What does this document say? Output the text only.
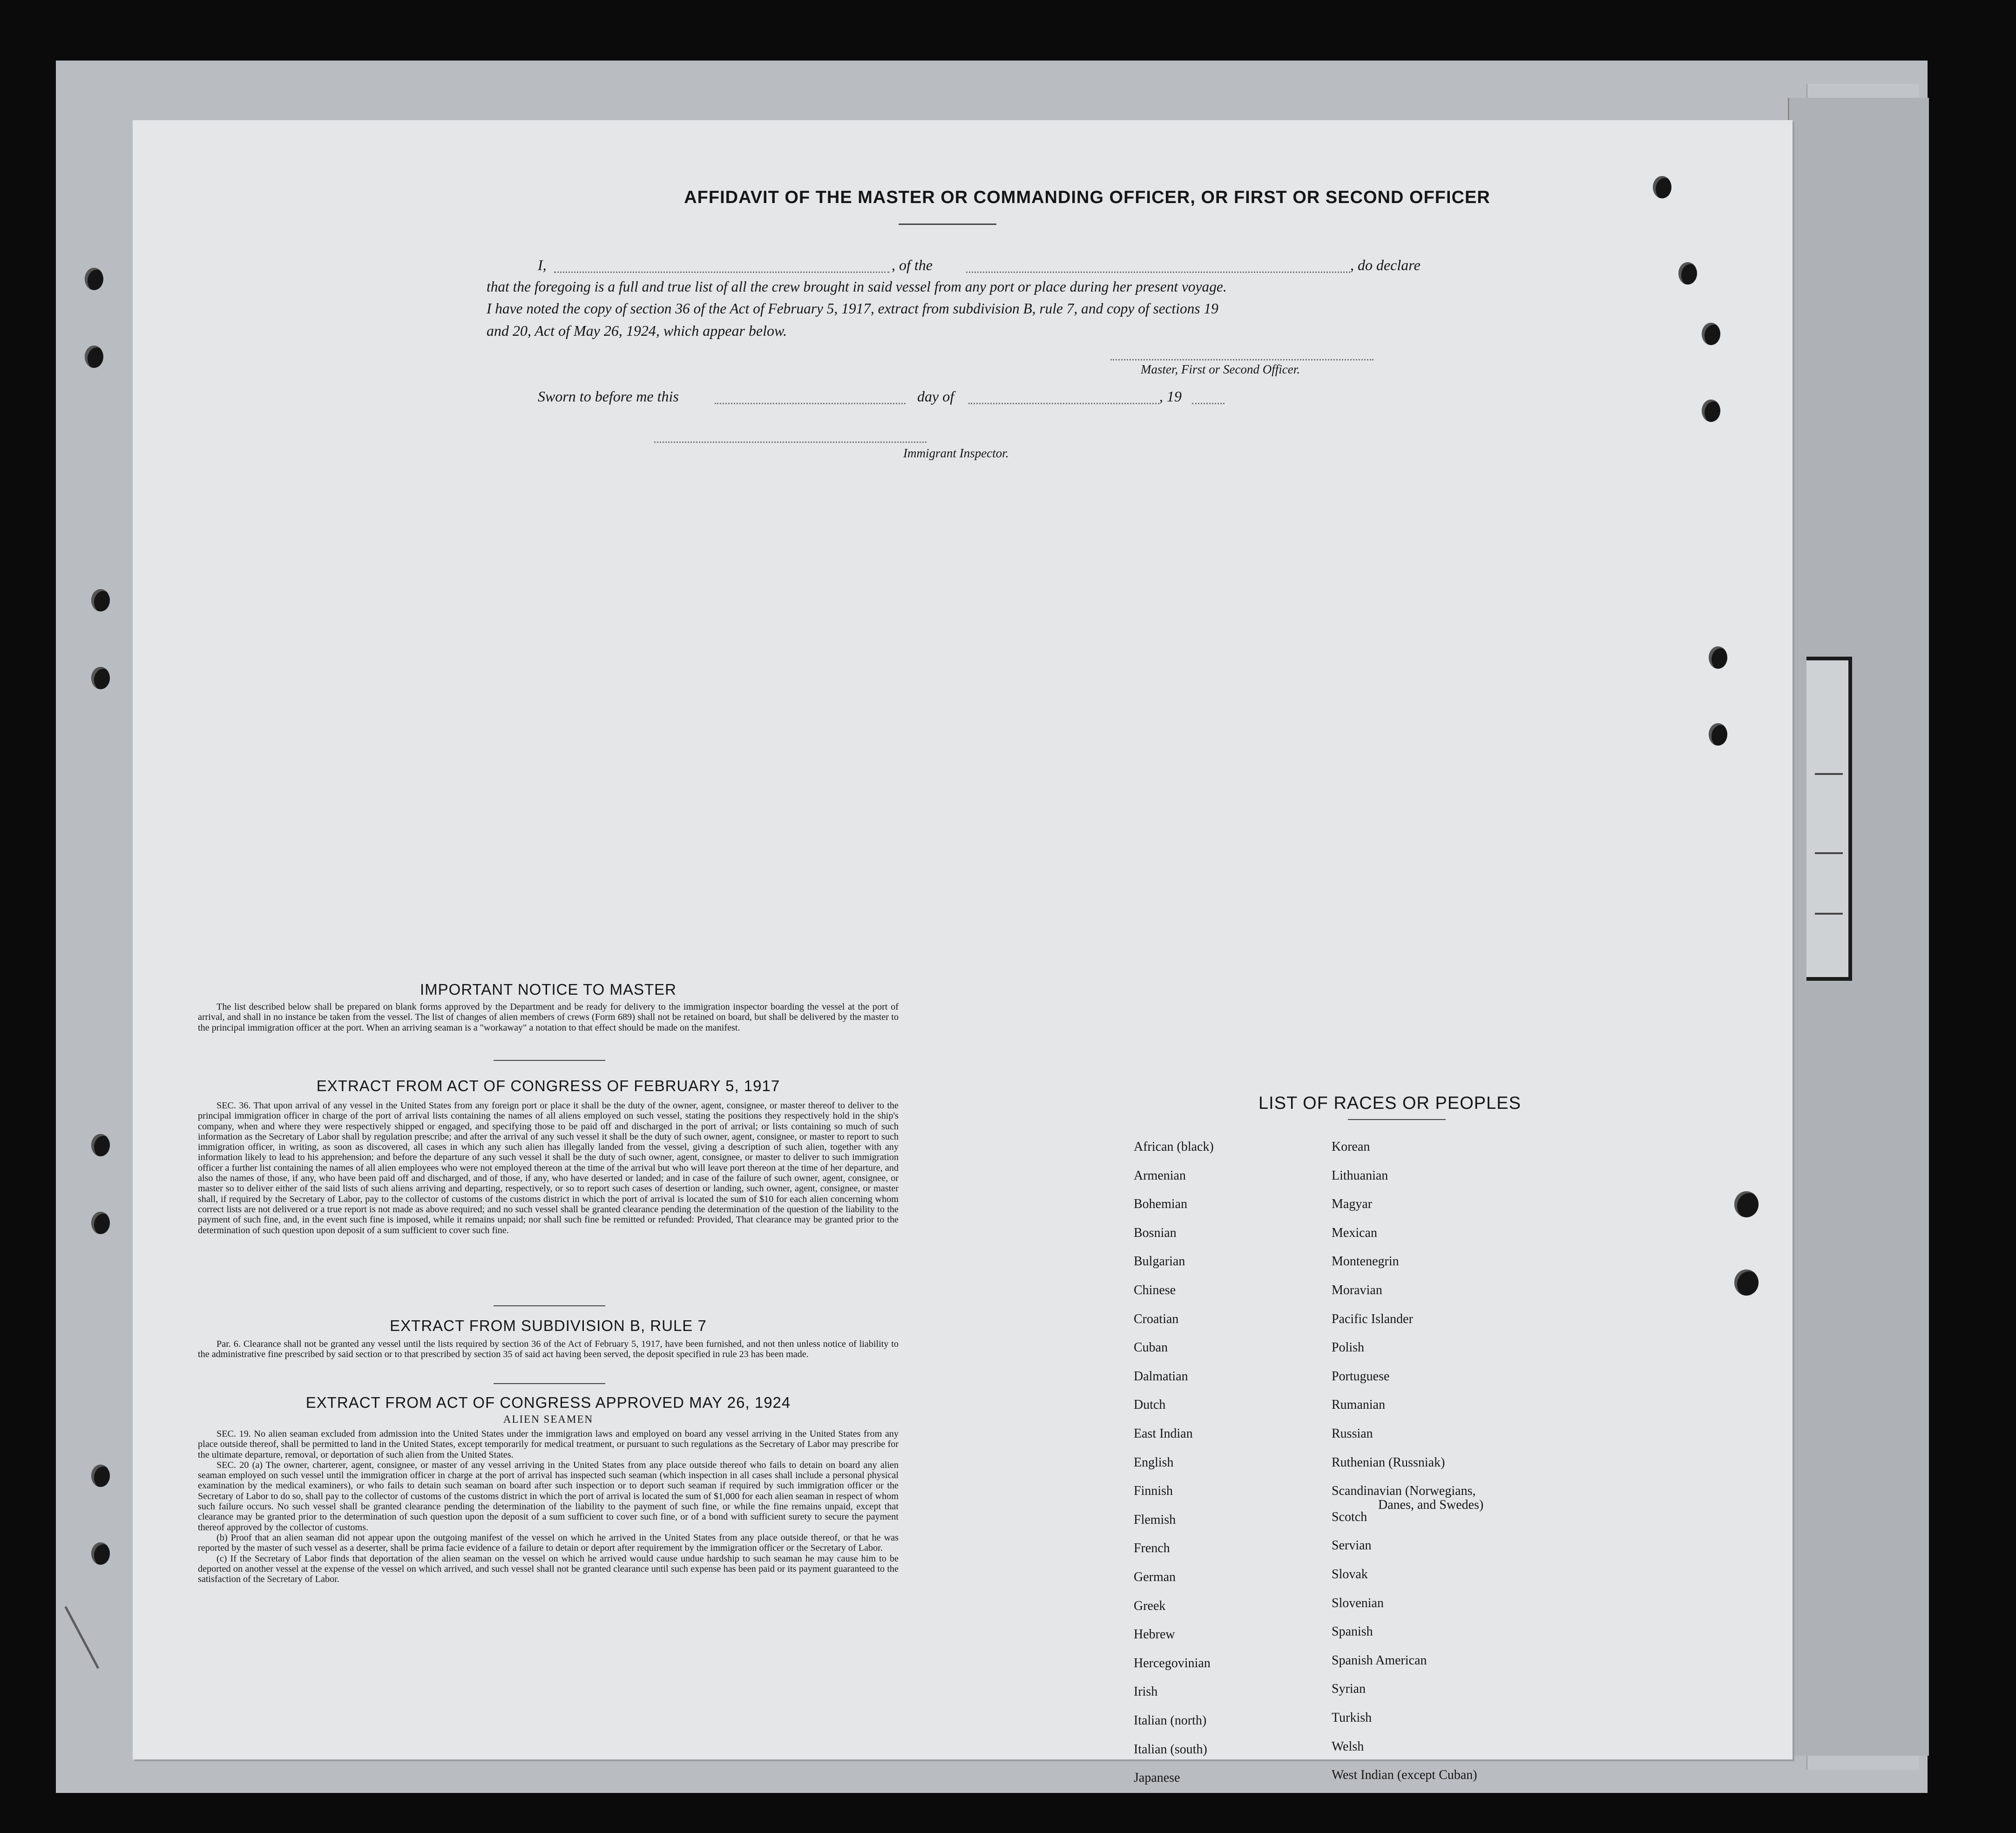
AFFIDAVIT OF THE MASTER OR COMMANDING OFFICER, OR FIRST OR SECOND OFFICER
I,	, of the	, do declare
that the foregoing is a full and true list of all the crew brought in said vessel from any port or place during her present voyage.
I have noted the copy of section 36 of the Act of February 5, 1917, extract from subdivision B, rule 7, and copy of sections 19
and 20, Act of May 26, 1924, which appear below.
Master, First or Second Officer.
Sworn to before me this	day of	, 19
Immigrant Inspector.
IMPORTANT NOTICE TO MASTER

The list described below shall be prepared on blank forms approved by the Department and be ready for delivery to the immigration inspector boarding the vessel at the port of arrival, and shall in no instance be taken from the vessel. The list of changes of alien members of crews (Form 689) shall not be retained on board, but shall be delivered by the master to the principal immigration officer at the port. When an arriving seaman is a "workaway" a notation to that effect should be made on the manifest.

EXTRACT FROM ACT OF CONGRESS OF FEBRUARY 5, 1917

SEC. 36. That upon arrival of any vessel in the United States from any foreign port or place it shall be the duty of the owner, agent, consignee, or master thereof to deliver to the principal immigration officer in charge of the port of arrival lists containing the names of all aliens employed on such vessel, stating the positions they respectively hold in the ship's company, when and where they were respectively shipped or engaged, and specifying those to be paid off and discharged in the port of arrival; or lists containing so much of such information as the Secretary of Labor shall by regulation prescribe; and after the arrival of any such vessel it shall be the duty of such owner, agent, consignee, or master to report to such immigration officer, in writing, as soon as discovered, all cases in which any such alien has illegally landed from the vessel, giving a description of such alien, together with any information likely to lead to his apprehension; and before the departure of any such vessel it shall be the duty of such owner, agent, consignee, or master to deliver to such immigration officer a further list containing the names of all alien employees who were not employed thereon at the time of the arrival but who will leave port thereon at the time of her departure, and also the names of those, if any, who have been paid off and discharged, and of those, if any, who have deserted or landed; and in case of the failure of such owner, agent, consignee, or master so to deliver either of the said lists of such aliens arriving and departing, respectively, or so to report such cases of desertion or landing, such owner, agent, consignee, or master shall, if required by the Secretary of Labor, pay to the collector of customs of the customs district in which the port of arrival is located the sum of $10 for each alien concerning whom correct lists are not delivered or a true report is not made as above required; and no such vessel shall be granted clearance pending the determination of the question of the liability to the payment of such fine, and, in the event such fine is imposed, while it remains unpaid; nor shall such fine be remitted or refunded: Provided, That clearance may be granted prior to the determination of such question upon deposit of a sum sufficient to cover such fine.

EXTRACT FROM SUBDIVISION B, RULE 7

Par. 6. Clearance shall not be granted any vessel until the lists required by section 36 of the Act of February 5, 1917, have been furnished, and not then unless notice of liability to the administrative fine prescribed by said section or to that prescribed by section 35 of said act having been served, the deposit specified in rule 23 has been made.

EXTRACT FROM ACT OF CONGRESS APPROVED MAY 26, 1924
ALIEN SEAMEN

SEC. 19. No alien seaman excluded from admission into the United States under the immigration laws and employed on board any vessel arriving in the United States from any place outside thereof, shall be permitted to land in the United States, except temporarily for medical treatment, or pursuant to such regulations as the Secretary of Labor may prescribe for the ultimate departure, removal, or deportation of such alien from the United States.

SEC. 20 (a) The owner, charterer, agent, consignee, or master of any vessel arriving in the United States from any place outside thereof who fails to detain on board any alien seaman employed on such vessel until the immigration officer in charge at the port of arrival has inspected such seaman (which inspection in all cases shall include a personal physical examination by the medical examiners), or who fails to detain such seaman on board after such inspection or to deport such seaman if required by such immigration officer or the Secretary of Labor to do so, shall pay to the collector of customs of the customs district in which the port of arrival is located the sum of $1,000 for each alien seaman in respect of whom such failure occurs. No such vessel shall be granted clearance pending the determination of the liability to the payment of such fine, or while the fine remains unpaid, except that clearance may be granted prior to the determination of such question upon the deposit of a sum sufficient to cover such fine, or of a bond with sufficient surety to secure the payment thereof approved by the collector of customs.

(b) Proof that an alien seaman did not appear upon the outgoing manifest of the vessel on which he arrived in the United States from any place outside thereof, or that he was reported by the master of such vessel as a deserter, shall be prima facie evidence of a failure to detain or deport after requirement by the immigration officer or the Secretary of Labor.

(c) If the Secretary of Labor finds that deportation of the alien seaman on the vessel on which he arrived would cause undue hardship to such seaman he may cause him to be deported on another vessel at the expense of the vessel on which arrived, and such vessel shall not be granted clearance until such expense has been paid or its payment guaranteed to the satisfaction of the Secretary of Labor.

LIST OF RACES OR PEOPLES
African (black)
Armenian
Bohemian
Bosnian
Bulgarian
Chinese
Croatian
Cuban
Dalmatian
Dutch
East Indian
English
Finnish
Flemish
French
German
Greek
Hebrew
Hercegovinian
Irish
Italian (north)
Italian (south)
Japanese
Korean
Lithuanian
Magyar
Mexican
Montenegrin
Moravian
Pacific Islander
Polish
Portuguese
Rumanian
Russian
Ruthenian (Russniak)
Scandinavian (Norwegians,
Danes, and Swedes)
Scotch
Servian
Slovak
Slovenian
Spanish
Spanish American
Syrian
Turkish
Welsh
West Indian (except Cuban)
